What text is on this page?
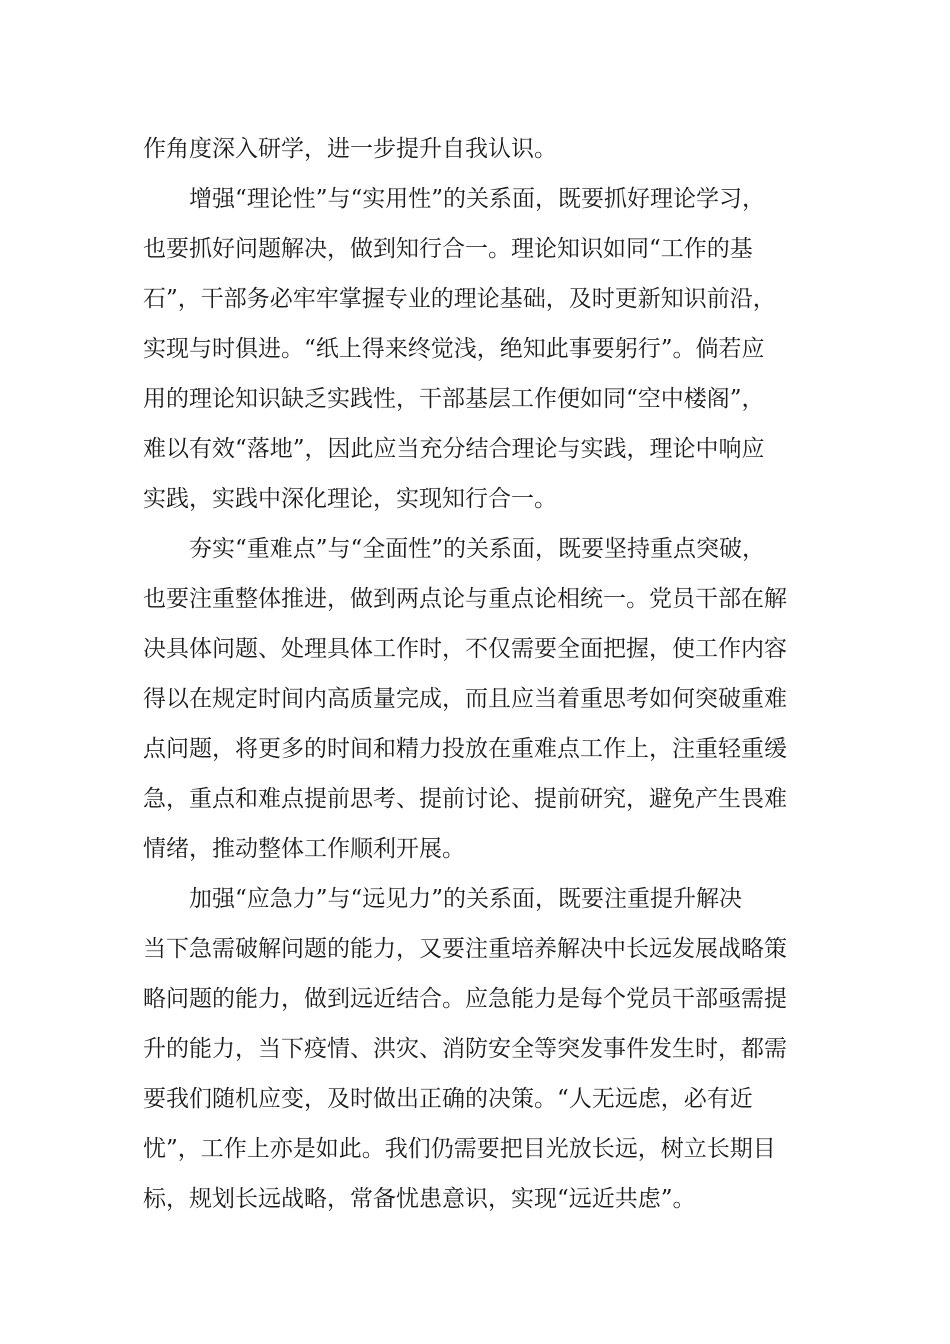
作角度深入研学，进一步提升自我认识。
增强“理论性”与“实用性”的关系面，既要抓好理论学习，
也要抓好问题解决，做到知行合一。理论知识如同“工作的基
石”，干部务必牢牢掌握专业的理论基础，及时更新知识前沿，
实现与时俱进。“纸上得来终觉浅，绝知此事要躬行”。倘若应
用的理论知识缺乏实践性，干部基层工作便如同“空中楼阁”，
难以有效“落地”，因此应当充分结合理论与实践，理论中响应
实践，实践中深化理论，实现知行合一。
夯实“重难点”与“全面性”的关系面，既要坚持重点突破，
也要注重整体推进，做到两点论与重点论相统一。党员干部在解
决具体问题、处理具体工作时，不仅需要全面把握，使工作内容
得以在规定时间内高质量完成，而且应当着重思考如何突破重难
点问题，将更多的时间和精力投放在重难点工作上，注重轻重缓
急，重点和难点提前思考、提前讨论、提前研究，避免产生畏难
情绪，推动整体工作顺利开展。
加强“应急力”与“远见力”的关系面，既要注重提升解决
当下急需破解问题的能力，又要注重培养解决中长远发展战略策
略问题的能力，做到远近结合。应急能力是每个党员干部亟需提
升的能力，当下疫情、洪灾、消防安全等突发事件发生时，都需
要我们随机应变，及时做出正确的决策。“人无远虑，必有近
忧”，工作上亦是如此。我们仍需要把目光放长远，树立长期目
标，规划长远战略，常备忧患意识，实现“远近共虑”。
